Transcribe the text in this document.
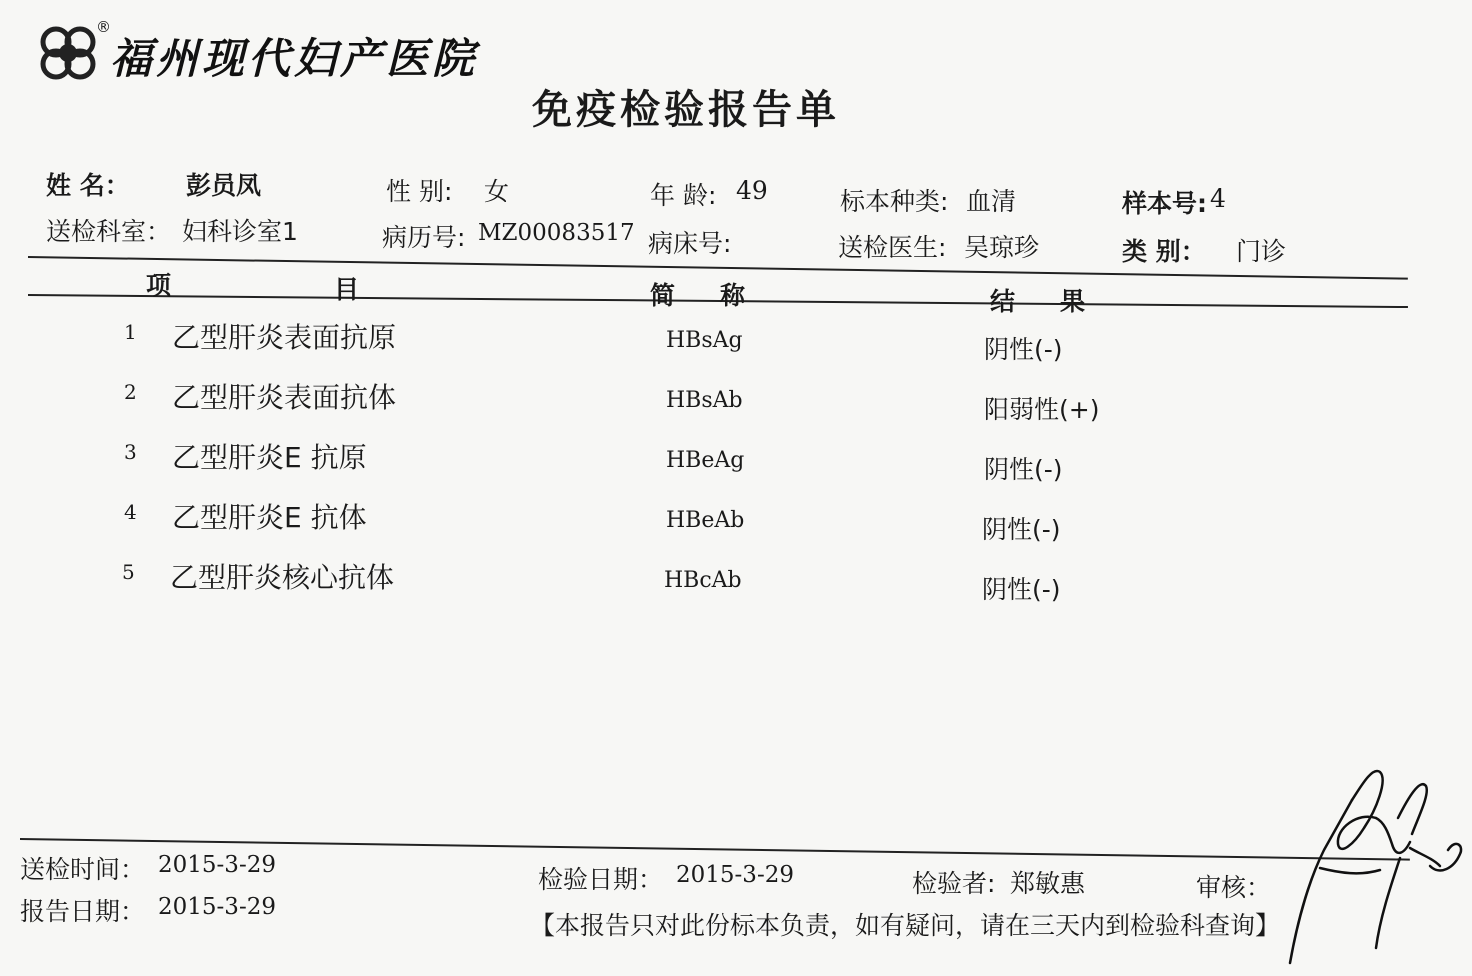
®
福州现代妇产医院
免疫检验报告单
姓 名： 彭员凤	性 别: 女	年 龄: 49	标本种类: 血清	样本号: 4
送检科室： 妇科诊室1	病历号: MZ00083517 病床号:	送检医生: 吴琼珍	类 别： 门诊
项	目	简 称	结 果
1 乙型肝炎表面抗原	HBsAg	阴性(-)
2 乙型肝炎表面抗体	HBsAb	阳弱性(+)
3 乙型肝炎E 抗原	HBeAg	阴性(-)
4 乙型肝炎E 抗体	HBeAb	阴性(-)
5 乙型肝炎核心抗体	HBcAb	阴性(-)
送检时间： 2015-3-29
报告日期： 2015-3-29
检验日期： 2015-3-29	检验者: 郑敏惠	审核：
【本报告只对此份标本负责，如有疑问，请在三天内到检验科查询】
